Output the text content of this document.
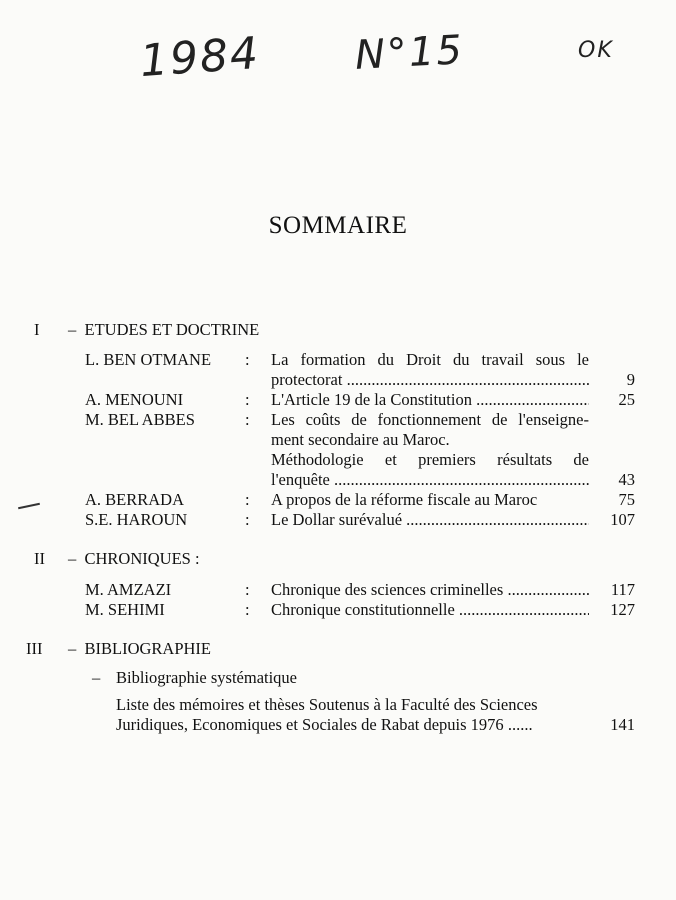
1984 N°15	OK
SOMMAIRE
I –  ETUDES ET DOCTRINE
L. BEN OTMANE : La formation du Droit du travail sous le
protectorat .....	9
A. MENOUNI	: L'Article 19 de la Constitution .....	25
M. BEL ABBES	: Les coûts de fonctionnement de l'enseigne-
ment secondaire au Maroc.
Méthodologie et premiers résultats de
l'enquête .....	43
A. BERRADA	: A propos de la réforme fiscale au Maroc	75
S.E. HAROUN	: Le Dollar surévalué .....	107
II –  CHRONIQUES :
M. AMZAZI	: Chronique des sciences criminelles .....	117
M. SEHIMI	: Chronique constitutionnelle .....	127
III –  BIBLIOGRAPHIE
– Bibliographie systématique
Liste des mémoires et thèses Soutenus à la Faculté des Sciences
Juridiques, Economiques et Sociales de Rabat depuis 1976 ......	141
